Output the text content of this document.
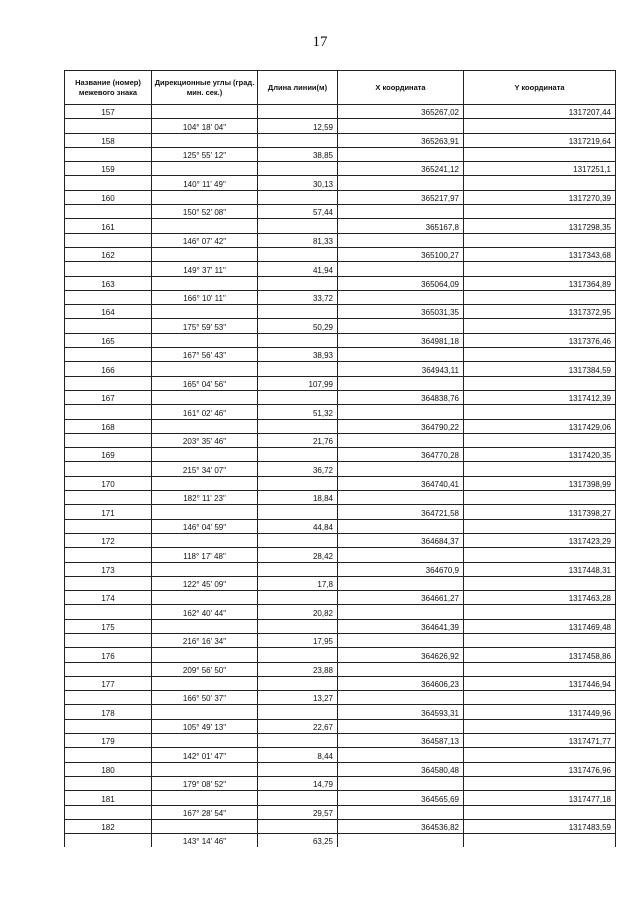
17
Название (номер) межевого знака	Дирекционные углы (град. мин. сек.)	Длина линии(м)	X координата	Y координата
157			365267,02	1317207,44
	104° 18' 04"	12,59		
158			365263,91	1317219,64
	125° 55' 12"	38,85		
159			365241,12	1317251,1
	140° 11' 49"	30,13		
160			365217,97	1317270,39
	150° 52' 08"	57,44		
161			365167,8	1317298,35
	146° 07' 42"	81,33		
162			365100,27	1317343,68
	149° 37' 11"	41,94		
163			365064,09	1317364,89
	166° 10' 11"	33,72		
164			365031,35	1317372,95
	175° 59' 53"	50,29		
165			364981,18	1317376,46
	167° 56' 43"	38,93		
166			364943,11	1317384,59
	165° 04' 56"	107,99		
167			364838,76	1317412,39
	161° 02' 46"	51,32		
168			364790,22	1317429,06
	203° 35' 46"	21,76		
169			364770,28	1317420,35
	215° 34' 07"	36,72		
170			364740,41	1317398,99
	182° 11' 23"	18,84		
171			364721,58	1317398,27
	146° 04' 59"	44,84		
172			364684,37	1317423,29
	118° 17' 48"	28,42		
173			364670,9	1317448,31
	122° 45' 09"	17,8		
174			364661,27	1317463,28
	162° 40' 44"	20,82		
175			364641,39	1317469,48
	216° 16' 34"	17,95		
176			364626,92	1317458,86
	209° 56' 50"	23,88		
177			364606,23	1317446,94
	166° 50' 37"	13,27		
178			364593,31	1317449,96
	105° 49' 13"	22,67		
179			364587,13	1317471,77
	142° 01' 47"	8,44		
180			364580,48	1317476,96
	179° 08' 52"	14,79		
181			364565,69	1317477,18
	167° 28' 54"	29,57		
182			364536,82	1317483,59
	143° 14' 46"	63,25		
